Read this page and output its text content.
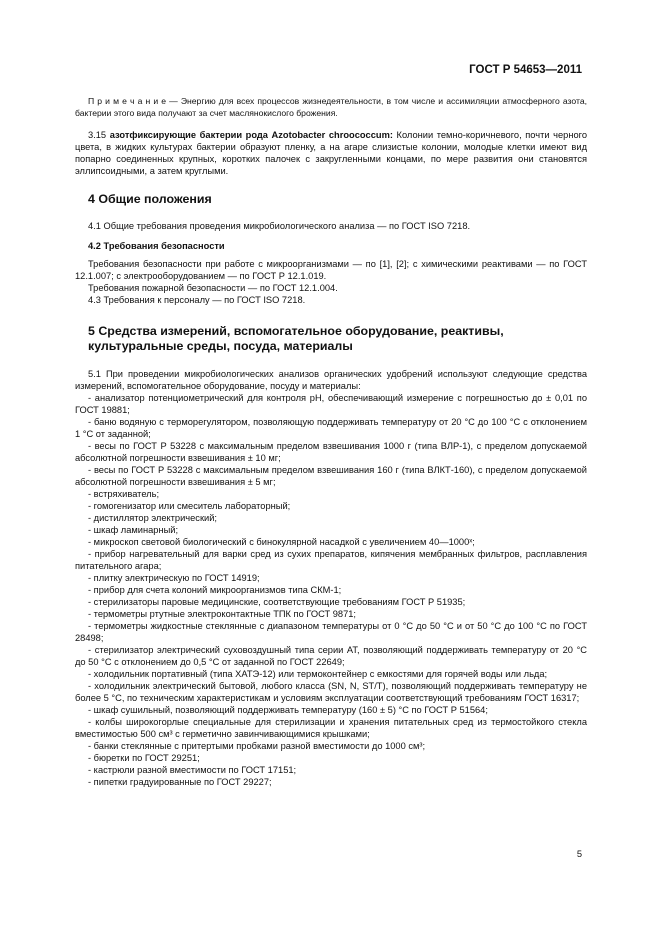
ГОСТ Р 54653—2011

П р и м е ч а н и е — Энергию для всех процессов жизнедеятельности, в том числе и ассимиляции атмосферного азота, бактерии этого вида получают за счет маслянокислого брожения.

3.15 азотфиксирующие бактерии рода Azotobacter chroococcum: Колонии темно-коричневого, почти черного цвета, в жидких культурах бактерии образуют пленку, а на агаре слизистые колонии, молодые клетки имеют вид попарно соединенных крупных, коротких палочек с закругленными концами, по мере развития они становятся эллипсоидными, а затем круглыми.

4 Общие положения

4.1 Общие требования проведения микробиологического анализа — по ГОСТ ISO 7218.

4.2 Требования безопасности

Требования безопасности при работе с микроорганизмами — по [1], [2]; с химическими реактивами — по ГОСТ 12.1.007; с электрооборудованием — по ГОСТ Р 12.1.019.

Требования пожарной безопасности — по ГОСТ 12.1.004.

4.3 Требования к персоналу — по ГОСТ ISO 7218.

5 Средства измерений, вспомогательное оборудование, реактивы, культуральные среды, посуда, материалы

5.1 При проведении микробиологических анализов органических удобрений используют следующие средства измерений, вспомогательное оборудование, посуду и материалы:

- анализатор потенциометрический для контроля pH, обеспечивающий измерение с погрешностью до ± 0,01 по ГОСТ 19881;
- баню водяную с терморегулятором, позволяющую поддерживать температуру от 20 °С до 100 °С с отклонением 1 °С от заданной;
- весы по ГОСТ Р 53228 с максимальным пределом взвешивания 1000 г (типа ВЛР-1), с пределом допускаемой абсолютной погрешности взвешивания ± 10 мг;
- весы по ГОСТ Р 53228 с максимальным пределом взвешивания 160 г (типа ВЛКТ-160), с пределом допускаемой абсолютной погрешности взвешивания ± 5 мг;
- встряхиватель;
- гомогенизатор или смеситель лабораторный;
- дистиллятор электрический;
- шкаф ламинарный;
- микроскоп световой биологический с бинокулярной насадкой с увеличением 40—1000ˣ;
- прибор нагревательный для варки сред из сухих препаратов, кипячения мембранных фильтров, расплавления питательного агара;
- плитку электрическую по ГОСТ 14919;
- прибор для счета колоний микроорганизмов типа СКМ-1;
- стерилизаторы паровые медицинские, соответствующие требованиям ГОСТ Р 51935;
- термометры ртутные электроконтактные ТПК по ГОСТ 9871;
- термометры жидкостные стеклянные с диапазоном температуры от 0 °С до 50 °С и от 50 °С до 100 °С по ГОСТ 28498;
- стерилизатор электрический суховоздушный типа серии АТ, позволяющий поддерживать температуру от 20 °С до 50 °С с отклонением до 0,5 °С от заданной по ГОСТ 22649;
- холодильник портативный (типа ХАТЭ-12) или термоконтейнер с емкостями для горячей воды или льда;
- холодильник электрический бытовой, любого класса (SN, N, ST/T), позволяющий поддерживать температуру не более 5 °С, по техническим характеристикам и условиям эксплуатации соответствующий требованиям ГОСТ 16317;
- шкаф сушильный, позволяющий поддерживать температуру (160 ± 5) °С по ГОСТ Р 51564;
- колбы широкогорлые специальные для стерилизации и хранения питательных сред из термостойкого стекла вместимостью 500 см³ с герметично завинчивающимися крышками;
- банки стеклянные с притертыми пробками разной вместимости до 1000 см³;
- бюретки по ГОСТ 29251;
- кастрюли разной вместимости по ГОСТ 17151;
- пипетки градуированные по ГОСТ 29227;
5
